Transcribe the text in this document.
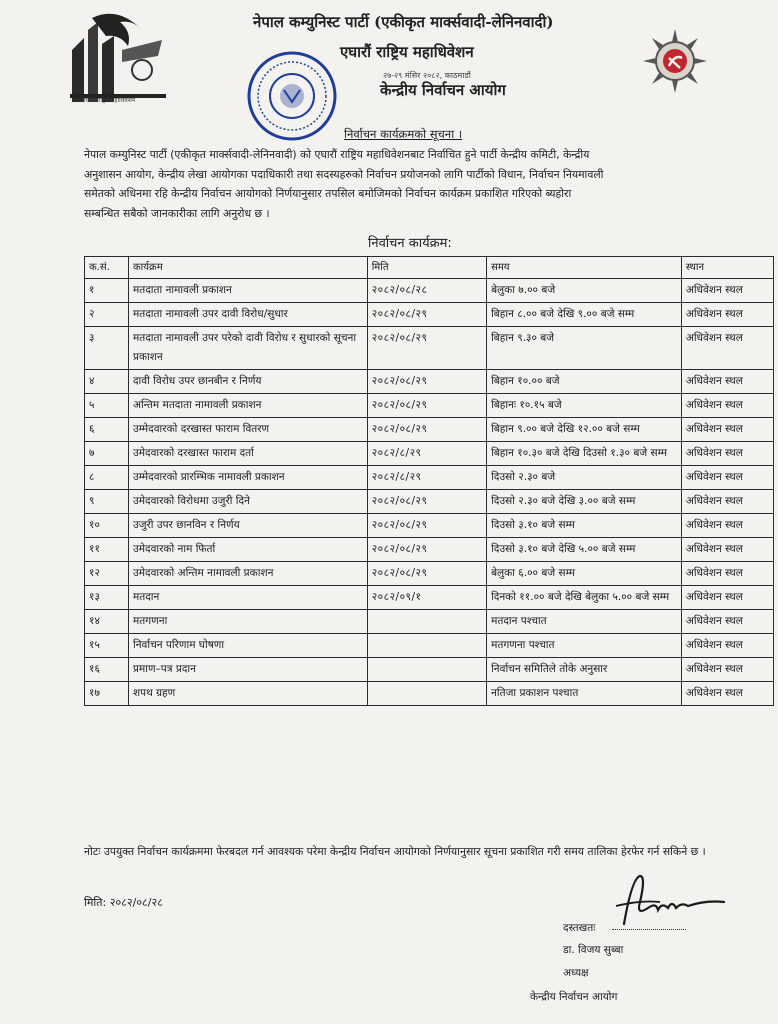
एघारौं राष्ट्रिय महाधिवेशन
नेपाल कम्युनिस्ट पार्टी (एकीकृत मार्क्सवादी-लेनिनवादी)
एघारौं राष्ट्रिय महाधिवेशन
२७-२९ मंसिर २०८२, काठमाडौं
केन्द्रीय निर्वाचन आयोग
निर्वाचन कार्यक्रमको सूचना ।
नेपाल कम्युनिस्ट पार्टी (एकीकृत मार्क्सवादी-लेनिनवादी) को एघारौं राष्ट्रिय महाधिवेशनबाट निर्वाचित हुने पार्टी केन्द्रीय कमिटी, केन्द्रीय
अनुशासन आयोग, केन्द्रीय लेखा आयोगका पदाधिकारी तथा सदस्यहरुको निर्वाचन प्रयोजनको लागि पार्टीको विधान, निर्वाचन नियमावली
समेतको अधिनमा रहि केन्द्रीय निर्वाचन आयोगको निर्णयानुसार तपसिल बमोजिमको निर्वाचन कार्यक्रम प्रकाशित गरिएको ब्यहोरा
सम्बन्धित सबैको जानकारीका लागि अनुरोध छ ।
निर्वाचन कार्यक्रम:
क.सं.	कार्यक्रम	मिति	समय	स्थान
१	मतदाता नामावली प्रकाशन	२०८२/०८/२८	बेलुका ७.०० बजे	अधिवेशन स्थल
२	मतदाता नामावली उपर दावी विरोध/सुधार	२०८२/०८/२९	बिहान ८.०० बजे देखि ९.०० बजे सम्म	अधिवेशन स्थल
३	मतदाता नामावली उपर परेको दावी विरोध र सुधारको सूचना प्रकाशन	२०८२/०८/२९	बिहान ९.३० बजे	अधिवेशन स्थल
४	दावी विरोध उपर छानबीन र निर्णय	२०८२/०८/२९	बिहान १०.०० बजे	अधिवेशन स्थल
५	अन्तिम मतदाता नामावली प्रकाशन	२०८२/०८/२९	बिहानः १०.१५ बजे	अधिवेशन स्थल
६	उम्मेदवारको दरखास्त फाराम वितरण	२०८२/०८/२९	बिहान ९.०० बजे देखि १२.०० बजे सम्म	अधिवेशन स्थल
७	उमेदवारको दरखास्त फाराम दर्ता	२०८२/८/२९	बिहान १०.३० बजे देखि दिउसो १.३० बजे सम्म	अधिवेशन स्थल
८	उम्मेदवारको प्रारम्भिक नामावली प्रकाशन	२०८२/८/२९	दिउसो २.३० बजे	अधिवेशन स्थल
९	उमेदवारको विरोधमा उजुरी दिने	२०८२/०८/२९	दिउसो २.३० बजे देखि ३.०० बजे सम्म	अधिवेशन स्थल
१०	उजुरी उपर छानविन र निर्णय	२०८२/०८/२९	दिउसो ३.१० बजे सम्म	अधिवेशन स्थल
११	उमेदवारको नाम फिर्ता	२०८२/०८/२९	दिउसो ३.१० बजे देखि ५.०० बजे सम्म	अधिवेशन स्थल
१२	उमेदवारको अन्तिम नामावली प्रकाशन	२०८२/०८/२९	बेलुका ६.०० बजे सम्म	अधिवेशन स्थल
१३	मतदान	२०८२/०९/१	दिनको ११.०० बजे देखि बेलुका ५.०० बजे सम्म	अधिवेशन स्थल
१४	मतगणना		मतदान पश्चात	अधिवेशन स्थल
१५	निर्वाचन परिणाम घोषणा		मतगणना पश्चात	अधिवेशन स्थल
१६	प्रमाण–पत्र प्रदान		निर्वाचन समितिले तोके अनुसार	अधिवेशन स्थल
१७	शपथ ग्रहण		नतिजा प्रकाशन पश्चात	अधिवेशन स्थल
नोटः उपयुक्त निर्वाचन कार्यक्रममा फेरबदल गर्न आवश्यक परेमा केन्द्रीय निर्वाचन आयोगको निर्णयानुसार सूचना प्रकाशित गरी समय तालिका हेरफेर गर्न सकिने छ ।
मिति: २०८२/०८/२८
दस्तखतः
डा. विजय सुब्बा
अध्यक्ष
केन्द्रीय निर्वाचन आयोग
